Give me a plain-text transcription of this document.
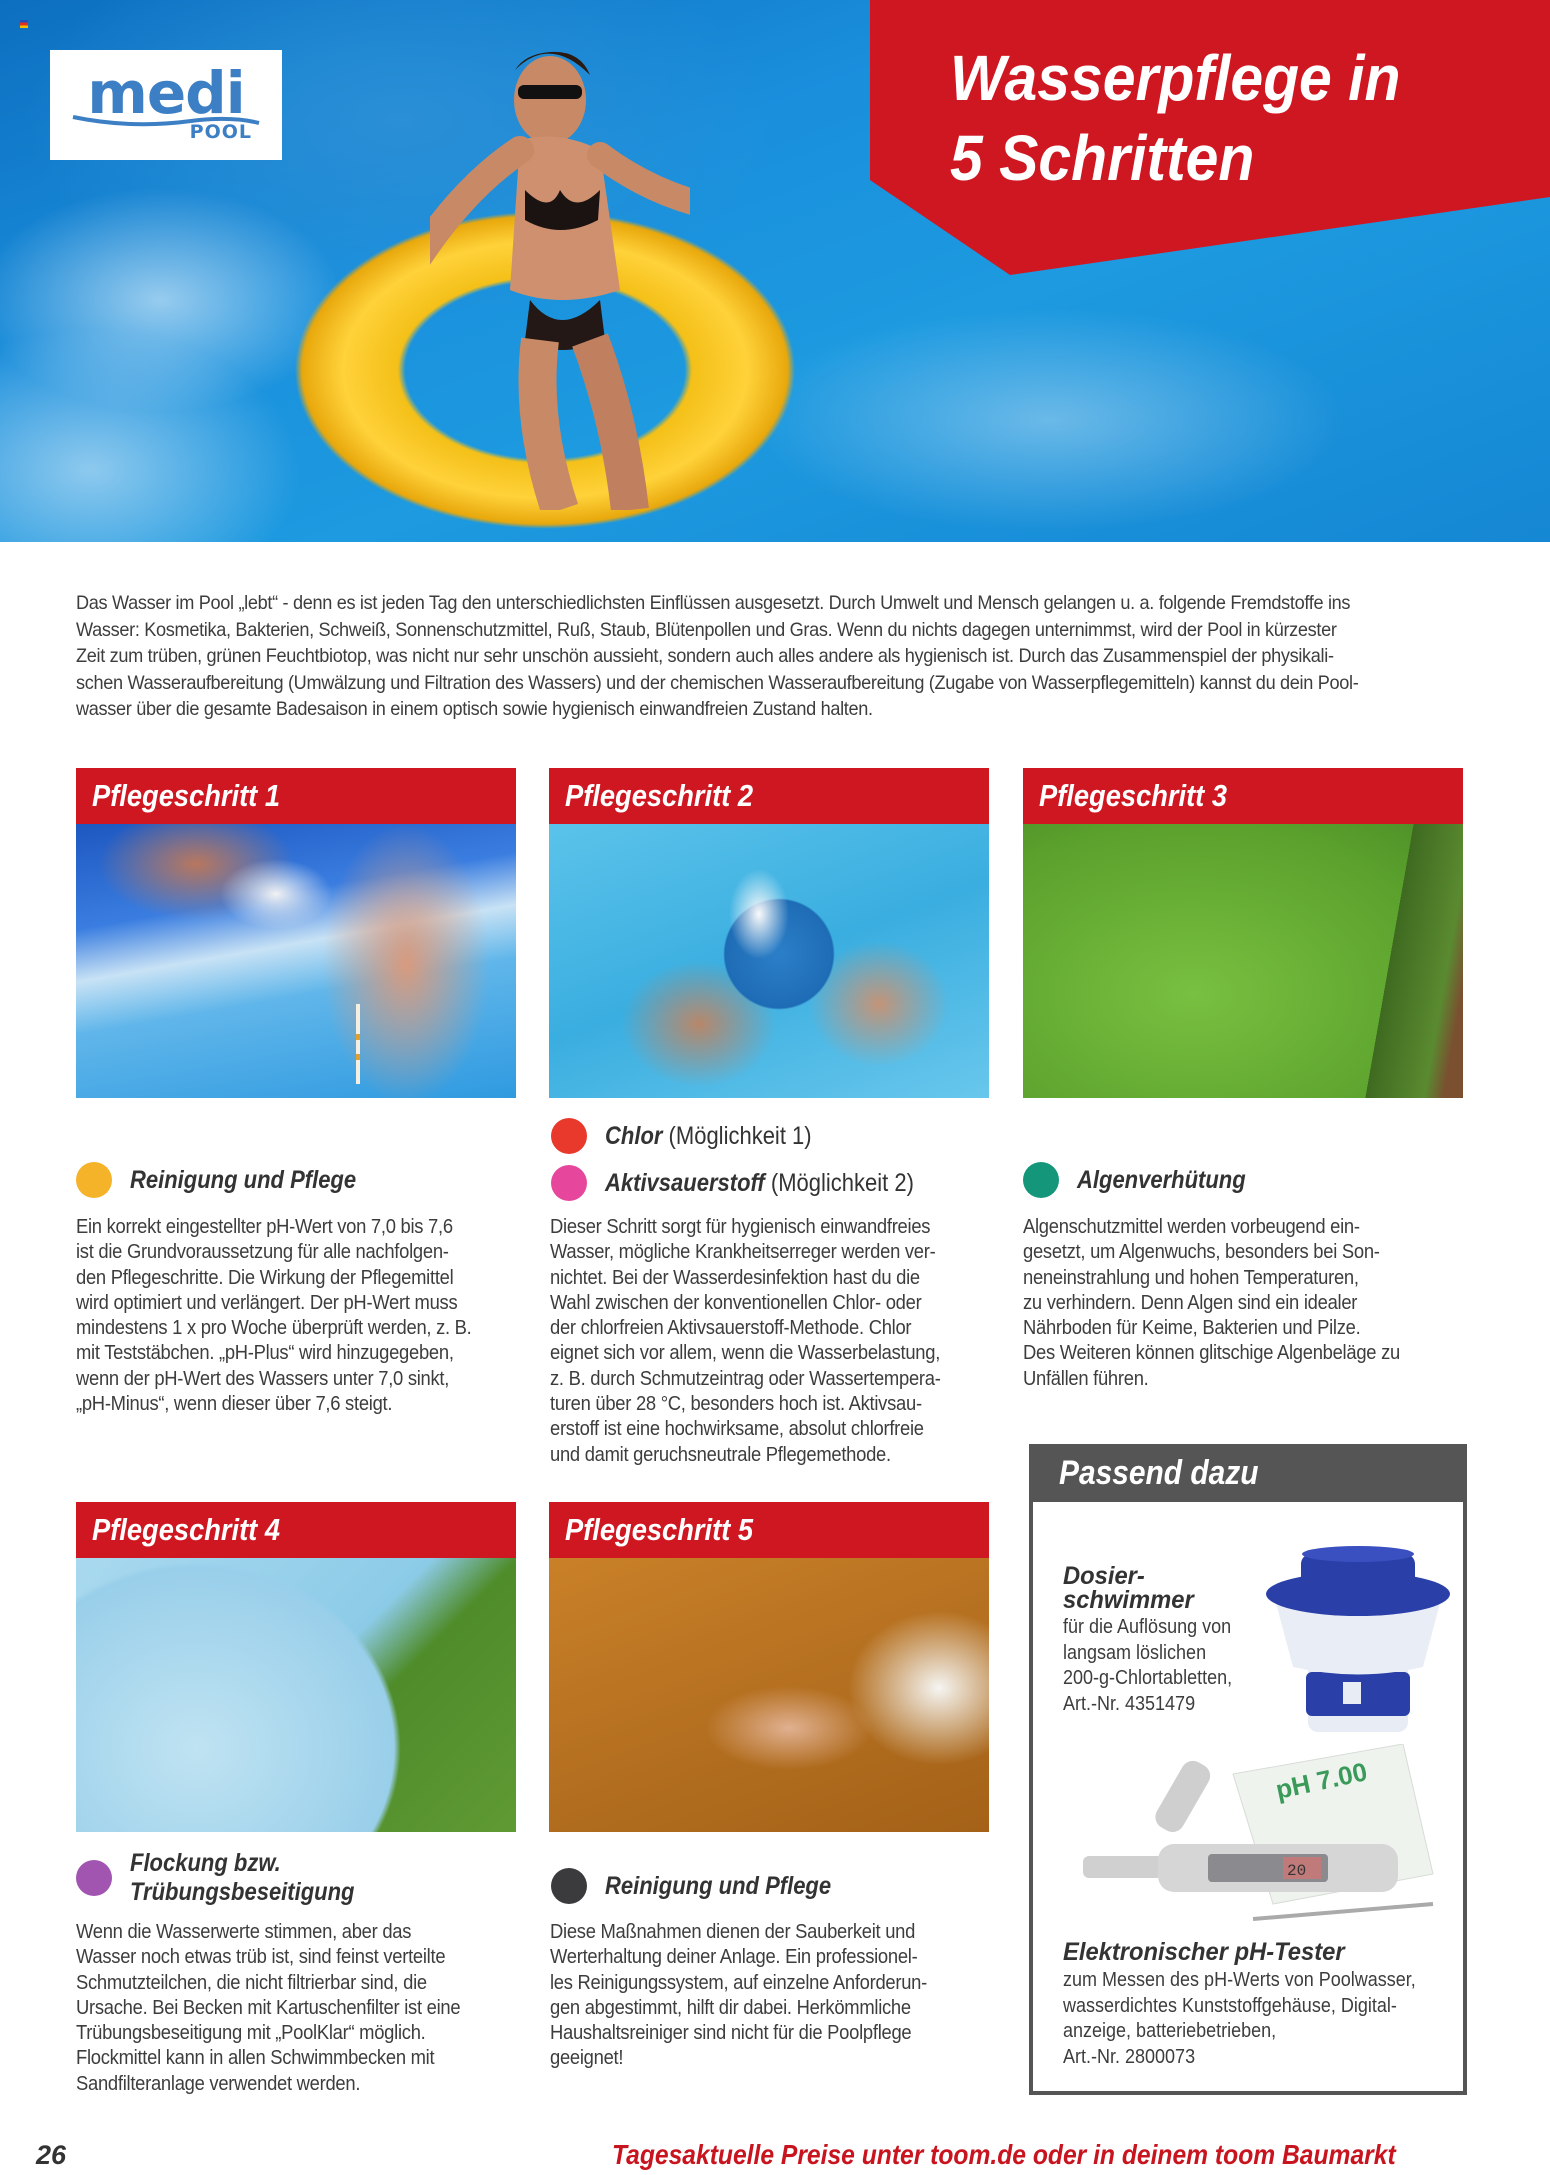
medi
POOL
Wasserpflege in
5 Schritten
Das Wasser im Pool „lebt“ - denn es ist jeden Tag den unterschiedlichsten Einflüssen ausgesetzt. Durch Umwelt und Mensch gelangen u. a. folgende Fremdstoffe ins
Wasser: Kosmetika, Bakterien, Schweiß, Sonnenschutzmittel, Ruß, Staub, Blütenpollen und Gras. Wenn du nichts dagegen unternimmst, wird der Pool in kürzester
Zeit zum trüben, grünen Feuchtbiotop, was nicht nur sehr unschön aussieht, sondern auch alles andere als hygienisch ist. Durch das Zusammenspiel der physikali-
schen Wasseraufbereitung (Umwälzung und Filtration des Wassers) und der chemischen Wasseraufbereitung (Zugabe von Wasserpflegemitteln) kannst du dein Pool-
wasser über die gesamte Badesaison in einem optisch sowie hygienisch einwandfreien Zustand halten.
Pflegeschritt 1
Reinigung und Pflege
Ein korrekt eingestellter pH-Wert von 7,0 bis 7,6
ist die Grundvoraussetzung für alle nachfolgen-
den Pflegeschritte. Die Wirkung der Pflegemittel
wird optimiert und verlängert. Der pH-Wert muss
mindestens 1 x pro Woche überprüft werden, z. B.
mit Teststäbchen. „pH-Plus“ wird hinzugegeben,
wenn der pH-Wert des Wassers unter 7,0 sinkt,
„pH-Minus“, wenn dieser über 7,6 steigt.
Pflegeschritt 2
Chlor (Möglichkeit 1)
Aktivsauerstoff (Möglichkeit 2)
Dieser Schritt sorgt für hygienisch einwandfreies
Wasser, mögliche Krankheitserreger werden ver-
nichtet. Bei der Wasserdesinfektion hast du die
Wahl zwischen der konventionellen Chlor- oder
der chlorfreien Aktivsauerstoff-Methode. Chlor
eignet sich vor allem, wenn die Wasserbelastung,
z. B. durch Schmutzeintrag oder Wassertempera-
turen über 28 °C, besonders hoch ist. Aktivsau-
erstoff ist eine hochwirksame, absolut chlorfreie
und damit geruchsneutrale Pflegemethode.
Pflegeschritt 3
Algenverhütung
Algenschutzmittel werden vorbeugend ein-
gesetzt, um Algenwuchs, besonders bei Son-
neneinstrahlung und hohen Temperaturen,
zu verhindern. Denn Algen sind ein idealer
Nährboden für Keime, Bakterien und Pilze.
Des Weiteren können glitschige Algenbeläge zu
Unfällen führen.
Pflegeschritt 4
Flockung bzw.
Trübungsbeseitigung
Wenn die Wasserwerte stimmen, aber das
Wasser noch etwas trüb ist, sind feinst verteilte
Schmutzteilchen, die nicht filtrierbar sind, die
Ursache. Bei Becken mit Kartuschenfilter ist eine
Trübungsbeseitigung mit „PoolKlar“ möglich.
Flockmittel kann in allen Schwimmbecken mit
Sandfilteranlage verwendet werden.
Pflegeschritt 5
Reinigung und Pflege
Diese Maßnahmen dienen der Sauberkeit und
Werterhaltung deiner Anlage. Ein professionel-
les Reinigungssystem, auf einzelne Anforderun-
gen abgestimmt, hilft dir dabei. Herkömmliche
Haushaltsreiniger sind nicht für die Poolpflege
geeignet!
Passend dazu
Dosier-
schwimmer
für die Auflösung von
langsam löslichen
200-g-Chlortabletten,
Art.-Nr. 4351479
pH 7.00
20
Elektronischer pH-Tester
zum Messen des pH-Werts von Poolwasser,
wasserdichtes Kunststoffgehäuse, Digital-
anzeige, batteriebetrieben,
Art.-Nr. 2800073
26	Tagesaktuelle Preise unter toom.de oder in deinem toom Baumarkt
